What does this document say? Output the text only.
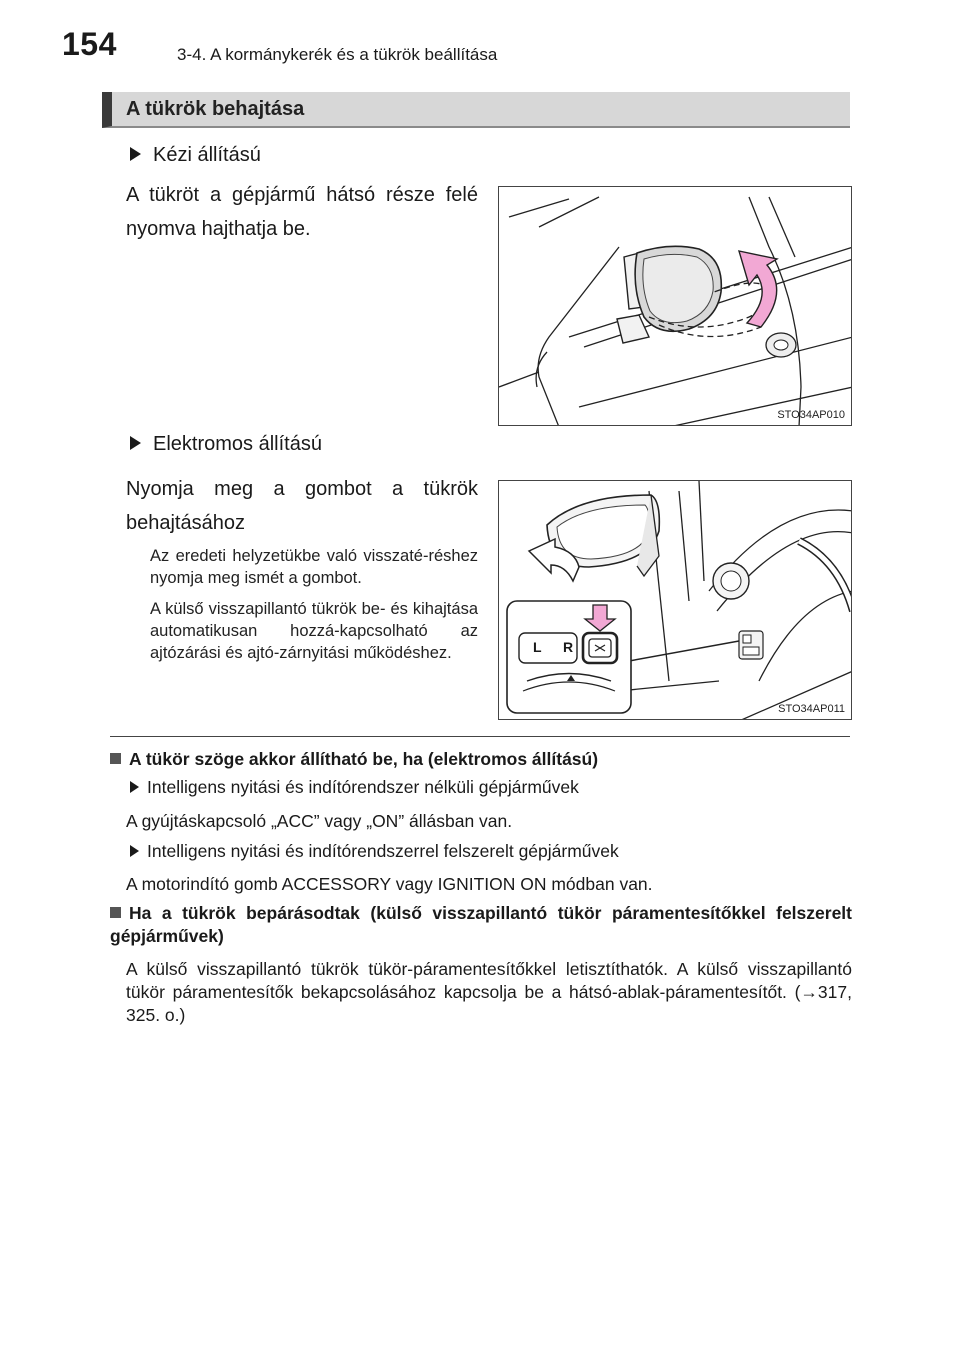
154	3-4. A kormánykerék és a tükrök beállítása
A tükrök behajtása
Kézi állítású
A tükröt a gépjármű hátsó része felé nyomva hajthatja be.
STO34AP010
Elektromos állítású
Nyomja meg a gombot a tükrök behajtásához
Az eredeti helyzetükbe való visszaté-réshez nyomja meg ismét a gombot.
A külső visszapillantó tükrök be- és kihajtása automatikusan hozzá-kapcsolható az ajtózárási és ajtó-zárnyitási működéshez.	L R
STO34AP011
A tükör szöge akkor állítható be, ha (elektromos állítású)
Intelligens nyitási és indítórendszer nélküli gépjárművek
A gyújtáskapcsoló „ACC” vagy „ON” állásban van.
Intelligens nyitási és indítórendszerrel felszerelt gépjárművek
A motorindító gomb ACCESSORY vagy IGNITION ON módban van.
Ha a tükrök bepárásodtak (külső visszapillantó tükör páramentesítőkkel felszerelt gépjárművek)
A külső visszapillantó tükrök tükör-páramentesítőkkel letisztíthatók. A külső visszapillantó tükör páramentesítők bekapcsolásához kapcsolja be a hátsó-ablak-páramentesítőt. (→317, 325. o.)
